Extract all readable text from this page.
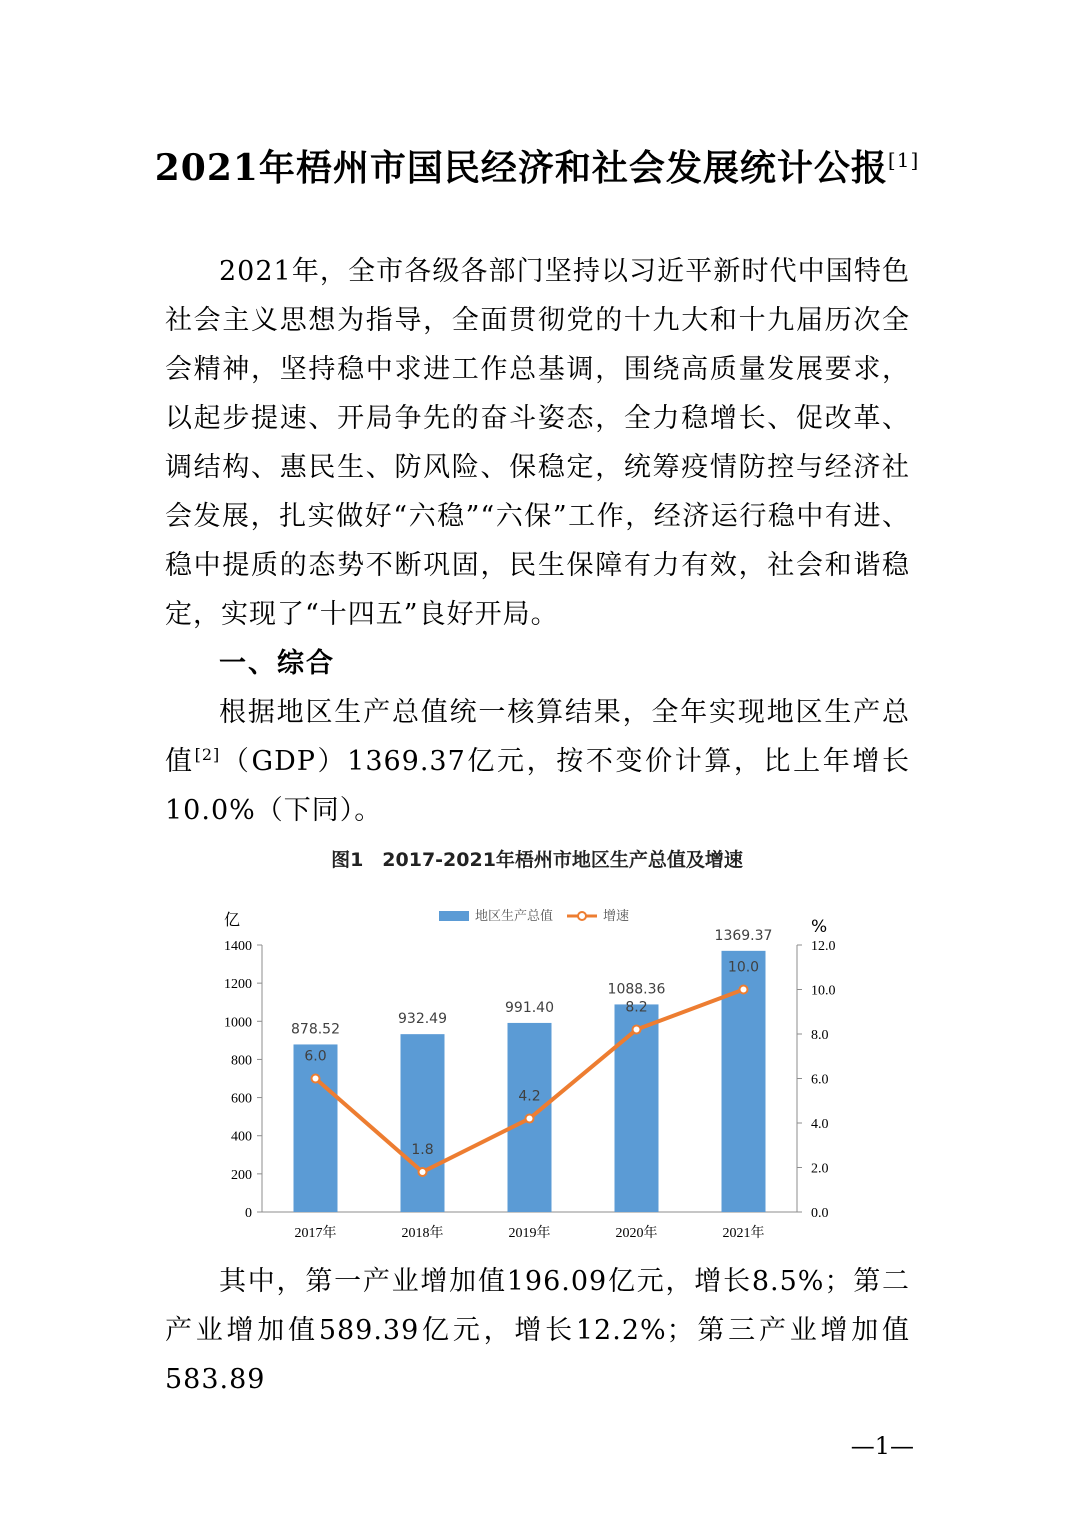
2021年梧州市国民经济和社会发展统计公报[1]

2021年，全市各级各部门坚持以习近平新时代中国特色社会主义思想为指导，全面贯彻党的十九大和十九届历次全会精神，坚持稳中求进工作总基调，围绕高质量发展要求，以起步提速、开局争先的奋斗姿态，全力稳增长、促改革、调结构、惠民生、防风险、保稳定，统筹疫情防控与经济社会发展，扎实做好“六稳”“六保”工作，经济运行稳中有进、稳中提质的态势不断巩固，民生保障有力有效，社会和谐稳定，实现了“十四五”良好开局。

一、综合

根据地区生产总值统一核算结果，全年实现地区生产总值[2]（GDP）1369.37亿元，按不变价计算，比上年增长10.0%（下同）。

图1　2017-2021年梧州市地区生产总值及增速
0
200
400
600
800
1000
1200
1400
0.0
2.0
4.0
6.0
8.0
10.0
12.0
亿	%
地区生产总值	增速
878.52
932.49
991.40
1088.36
1369.37
2017年	2018年	2019年	2020年	2021年
6.0
1.8
4.2
8.2
10.0

其中，第一产业增加值196.09亿元，增长8.5%；第二产业增加值589.39亿元，增长12.2%；第三产业增加值583.89

—1—
